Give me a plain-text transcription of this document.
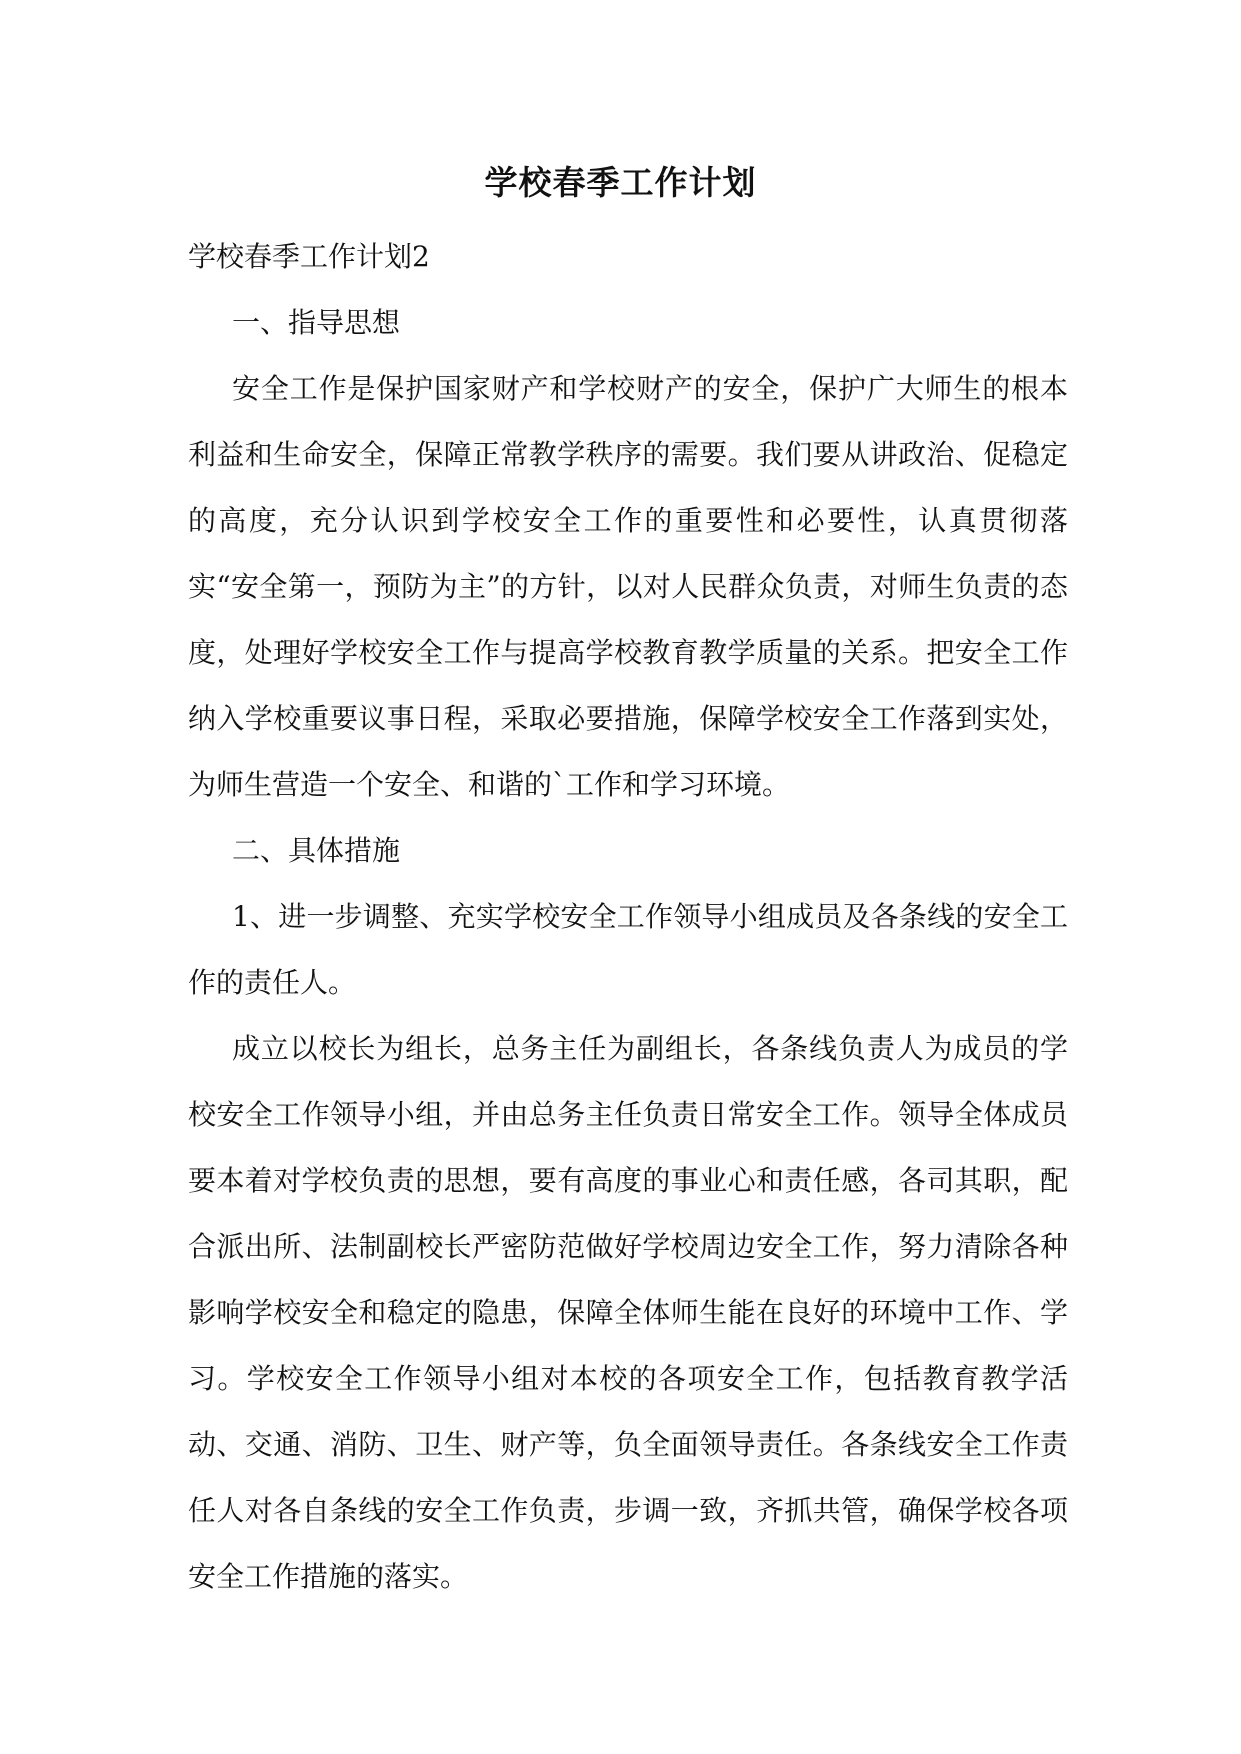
学校春季工作计划

学校春季工作计划2

一、指导思想

安全工作是保护国家财产和学校财产的安全，保护广大师生的根本利益和生命安全，保障正常教学秩序的需要。我们要从讲政治、促稳定的高度，充分认识到学校安全工作的重要性和必要性，认真贯彻落实“安全第一，预防为主”的方针，以对人民群众负责，对师生负责的态度，处理好学校安全工作与提高学校教育教学质量的关系。把安全工作纳入学校重要议事日程，采取必要措施，保障学校安全工作落到实处，为师生营造一个安全、和谐的`工作和学习环境。

二、具体措施

1、进一步调整、充实学校安全工作领导小组成员及各条线的安全工作的责任人。

成立以校长为组长，总务主任为副组长，各条线负责人为成员的学校安全工作领导小组，并由总务主任负责日常安全工作。领导全体成员要本着对学校负责的思想，要有高度的事业心和责任感，各司其职，配合派出所、法制副校长严密防范做好学校周边安全工作，努力清除各种影响学校安全和稳定的隐患，保障全体师生能在良好的环境中工作、学习。学校安全工作领导小组对本校的各项安全工作，包括教育教学活动、交通、消防、卫生、财产等，负全面领导责任。各条线安全工作责任人对各自条线的安全工作负责，步调一致，齐抓共管，确保学校各项安全工作措施的落实。
